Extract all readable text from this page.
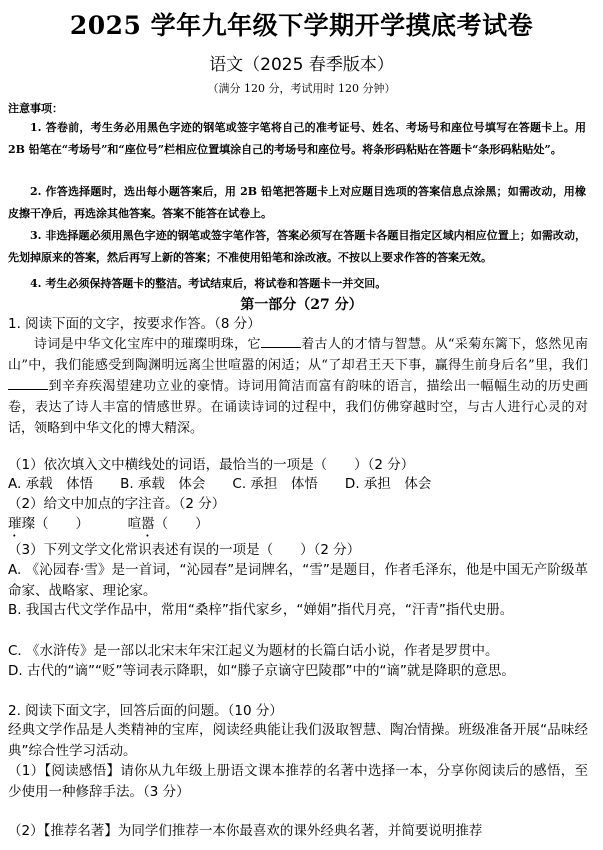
2025 学年九年级下学期开学摸底考试卷
语文（2025 春季版本）
（满分 120 分，考试用时 120 分钟）
注意事项：
1. 答卷前，考生务必用黑色字迹的钢笔或签字笔将自己的准考证号、姓名、考场号和座位号填写在答题卡上。用 2B 铅笔在“考场号”和“座位号”栏相应位置填涂自己的考场号和座位号。将条形码粘贴在答题卡“条形码粘贴处”。
2. 作答选择题时，选出每小题答案后，用 2B 铅笔把答题卡上对应题目选项的答案信息点涂黑；如需改动，用橡皮擦干净后，再选涂其他答案。答案不能答在试卷上。
3. 非选择题必须用黑色字迹的钢笔或签字笔作答，答案必须写在答题卡各题目指定区域内相应位置上；如需改动，先划掉原来的答案，然后再写上新的答案；不准使用铅笔和涂改液。不按以上要求作答的答案无效。
4. 考生必须保持答题卡的整洁。考试结束后，将试卷和答题卡一并交回。
第一部分（27 分）
1. 阅读下面的文字，按要求作答。（8 分）
诗词是中华文化宝库中的璀璨明珠，它	着古人的才情与智慧。从“采菊东篱下，悠然见南山”中，我们能感受到陶渊明远离尘世喧嚣的闲适；从“了却君王天下事，赢得生前身后名”里，我们到辛弃疾渴望建功立业的豪情。诗词用简洁而富有韵味的语言，描绘出一幅幅生动的历史画卷，表达了诗人丰富的情感世界。在诵读诗词的过程中，我们仿佛穿越时空，与古人进行心灵的对话，领略到中华文化的博大精深。
（1）依次填入文中横线处的词语，最恰当的一项是（　　）（2 分）
A. 承载　体悟　　B. 承载　体会　　C. 承担　体悟　　D. 承担　体会
（2）给文中加点的字注音。（2 分）
璀璨（　　）	喧嚣（　　）
（3）下列文学文化常识表述有误的一项是（　　）（2 分）
A. 《沁园春·雪》是一首词，“沁园春”是词牌名，“雪”是题目，作者毛泽东，他是中国无产阶级革命家、战略家、理论家。
B. 我国古代文学作品中，常用“桑梓”指代家乡，“婵娟”指代月亮，“汗青”指代史册。
C. 《水浒传》是一部以北宋末年宋江起义为题材的长篇白话小说，作者是罗贯中。
D. 古代的“谪”“贬”等词表示降职，如“滕子京谪守巴陵郡”中的“谪”就是降职的意思。
2. 阅读下面文字，回答后面的问题。（10 分）
经典文学作品是人类精神的宝库，阅读经典能让我们汲取智慧、陶冶情操。班级准备开展“品味经典”综合性学习活动。
（1）【阅读感悟】请你从九年级上册语文课本推荐的名著中选择一本，分享你阅读后的感悟，至少使用一种修辞手法。（3 分）
（2）【推荐名著】为同学们推荐一本你最喜欢的课外经典名著，并简要说明推荐
